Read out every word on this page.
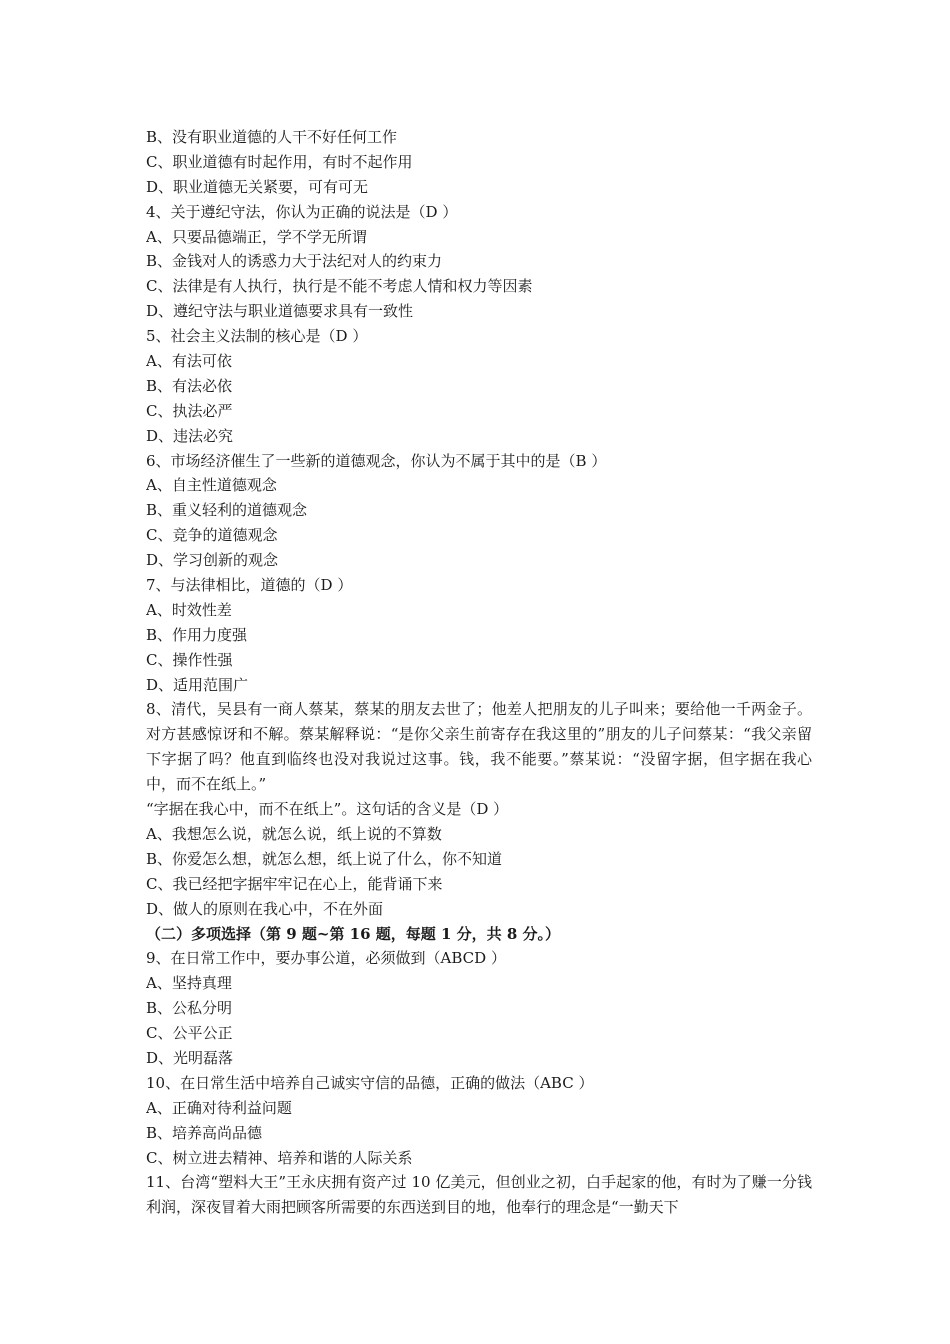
B、没有职业道德的人干不好任何工作
C、职业道德有时起作用，有时不起作用
D、职业道德无关紧要，可有可无
4、关于遵纪守法，你认为正确的说法是（D ）
A、只要品德端正，学不学无所谓
B、金钱对人的诱惑力大于法纪对人的约束力
C、法律是有人执行，执行是不能不考虑人情和权力等因素
D、遵纪守法与职业道德要求具有一致性
5、社会主义法制的核心是（D ）
A、有法可依
B、有法必依
C、执法必严
D、违法必究
6、市场经济催生了一些新的道德观念，你认为不属于其中的是（B ）
A、自主性道德观念
B、重义轻利的道德观念
C、竞争的道德观念
D、学习创新的观念
7、与法律相比，道德的（D ）
A、时效性差
B、作用力度强
C、操作性强
D、适用范围广
8、清代，吴县有一商人蔡某，蔡某的朋友去世了；他差人把朋友的儿子叫来；要给他一千两金子。对方甚感惊讶和不解。蔡某解释说：“是你父亲生前寄存在我这里的”朋友的儿子问蔡某：“我父亲留下字据了吗？他直到临终也没对我说过这事。钱，我不能要。”蔡某说：“没留字据，但字据在我心中，而不在纸上。”
“字据在我心中，而不在纸上”。这句话的含义是（D ）
A、我想怎么说，就怎么说，纸上说的不算数
B、你爱怎么想，就怎么想，纸上说了什么，你不知道
C、我已经把字据牢牢记在心上，能背诵下来
D、做人的原则在我心中，不在外面
（二）多项选择（第 9 题~第 16 题，每题 1 分，共 8 分。）
9、在日常工作中，要办事公道，必须做到（ABCD ）
A、坚持真理
B、公私分明
C、公平公正
D、光明磊落
10、在日常生活中培养自己诚实守信的品德，正确的做法（ABC ）
A、正确对待利益问题
B、培养高尚品德
C、树立进去精神、培养和谐的人际关系
11、台湾“塑料大王”王永庆拥有资产过 10 亿美元，但创业之初，白手起家的他，有时为了赚一分钱利润，深夜冒着大雨把顾客所需要的东西送到目的地，他奉行的理念是“一勤天下
